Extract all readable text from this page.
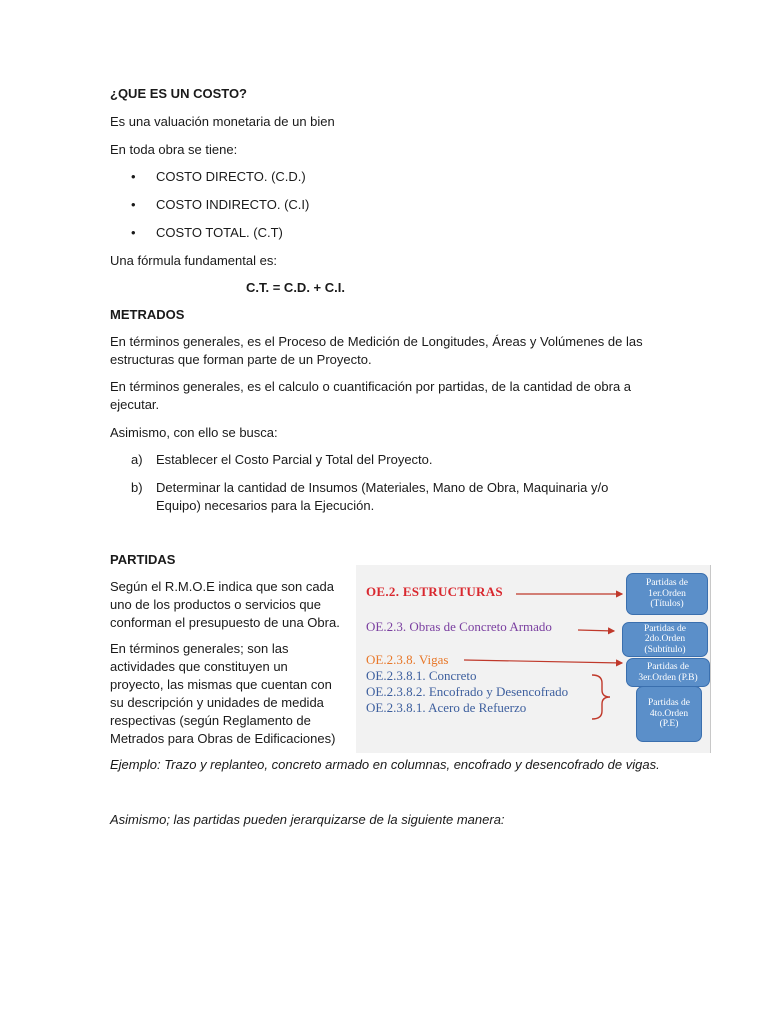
¿QUE ES UN COSTO?
Es una valuación monetaria de un bien
En toda obra se tiene:
• COSTO DIRECTO. (C.D.)
• COSTO INDIRECTO. (C.I)
• COSTO TOTAL. (C.T)
Una fórmula fundamental es:
C.T. = C.D. + C.I.
METRADOS
En términos generales, es el Proceso de Medición de Longitudes, Áreas y Volúmenes de las
estructuras que forman parte de un Proyecto.
En términos generales, es el calculo o cuantificación por partidas, de la cantidad de obra a
ejecutar.
Asimismo, con ello se busca:
a) Establecer el Costo Parcial y Total del Proyecto.
b) Determinar la cantidad de Insumos (Materiales, Mano de Obra, Maquinaria y/o
Equipo) necesarios para la Ejecución.
PARTIDAS
Según el R.M.O.E indica que son cada
uno de los productos o servicios que
conforman el presupuesto de una Obra.
En términos generales; son las
actividades que constituyen un
proyecto, las mismas que cuentan con
su descripción y unidades de medida
respectivas (según Reglamento de
Metrados para Obras de Edificaciones)
OE.2. ESTRUCTURAS
OE.2.3. Obras de Concreto Armado
OE.2.3.8. Vigas
OE.2.3.8.1. Concreto
OE.2.3.8.2. Encofrado y Desencofrado
OE.2.3.8.1. Acero de Refuerzo
Partidas de
1er.Orden
(Títulos)
Partidas de
2do.Orden
(Subtítulo)
Partidas de
3er.Orden (P.B)
Partidas de
4to.Orden
(P.E)
Ejemplo: Trazo y replanteo, concreto armado en columnas, encofrado y desencofrado de vigas.
Asimismo; las partidas pueden jerarquizarse de la siguiente manera:
